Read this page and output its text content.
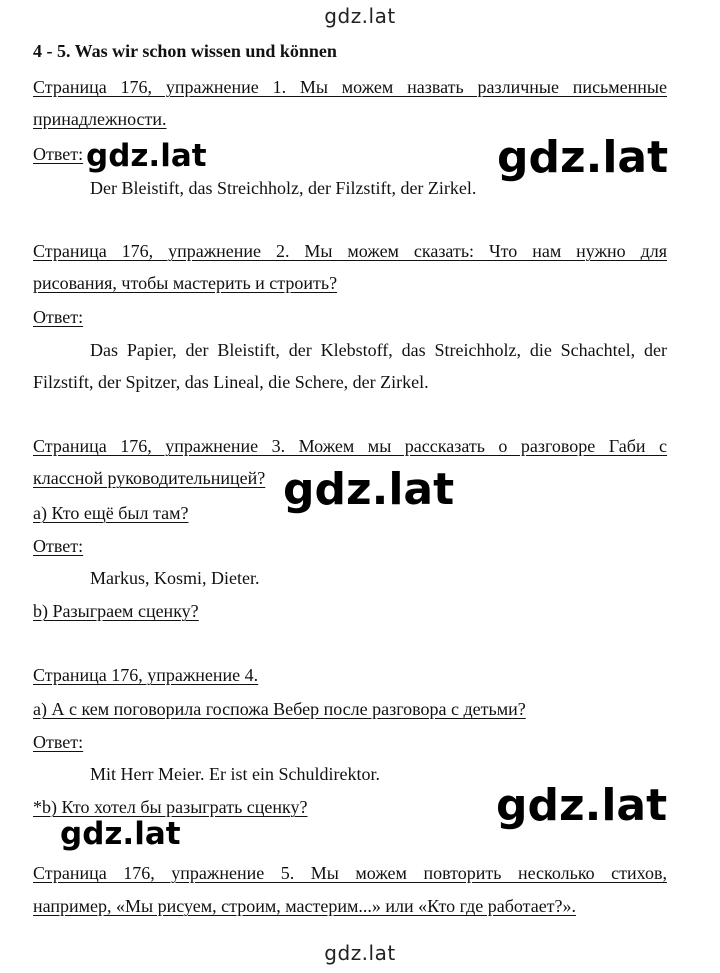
gdz.lat
4 - 5. Was wir schon wissen und können
Страница 176, упражнение 1. Мы можем назвать различные письменные
принадлежности.
Ответ:
Der Bleistift, das Streichholz, der Filzstift, der Zirkel.
Страница 176, упражнение 2. Мы можем сказать: Что нам нужно для
рисования, чтобы мастерить и строить?
Ответ:
Das Papier, der Bleistift, der Klebstoff, das Streichholz, die Schachtel, der
Filzstift, der Spitzer, das Lineal, die Schere, der Zirkel.
Страница 176, упражнение 3. Можем мы рассказать о разговоре Габи с
классной руководительницей?
a) Кто ещё был там?
Ответ:
Markus, Kosmi, Dieter.
b) Разыграем сценку?
Страница 176, упражнение 4.
a) А с кем поговорила госпожа Вебер после разговора с детьми?
Ответ:
Mit Herr Meier. Er ist ein Schuldirektor.
*b) Кто хотел бы разыграть сценку?
Страница 176, упражнение 5. Мы можем повторить несколько стихов,
например, «Мы рисуем, строим, мастерим...» или «Кто где работает?».
gdz.lat	gdz.lat
gdz.lat
gdz.lat
gdz.lat
gdz.lat
